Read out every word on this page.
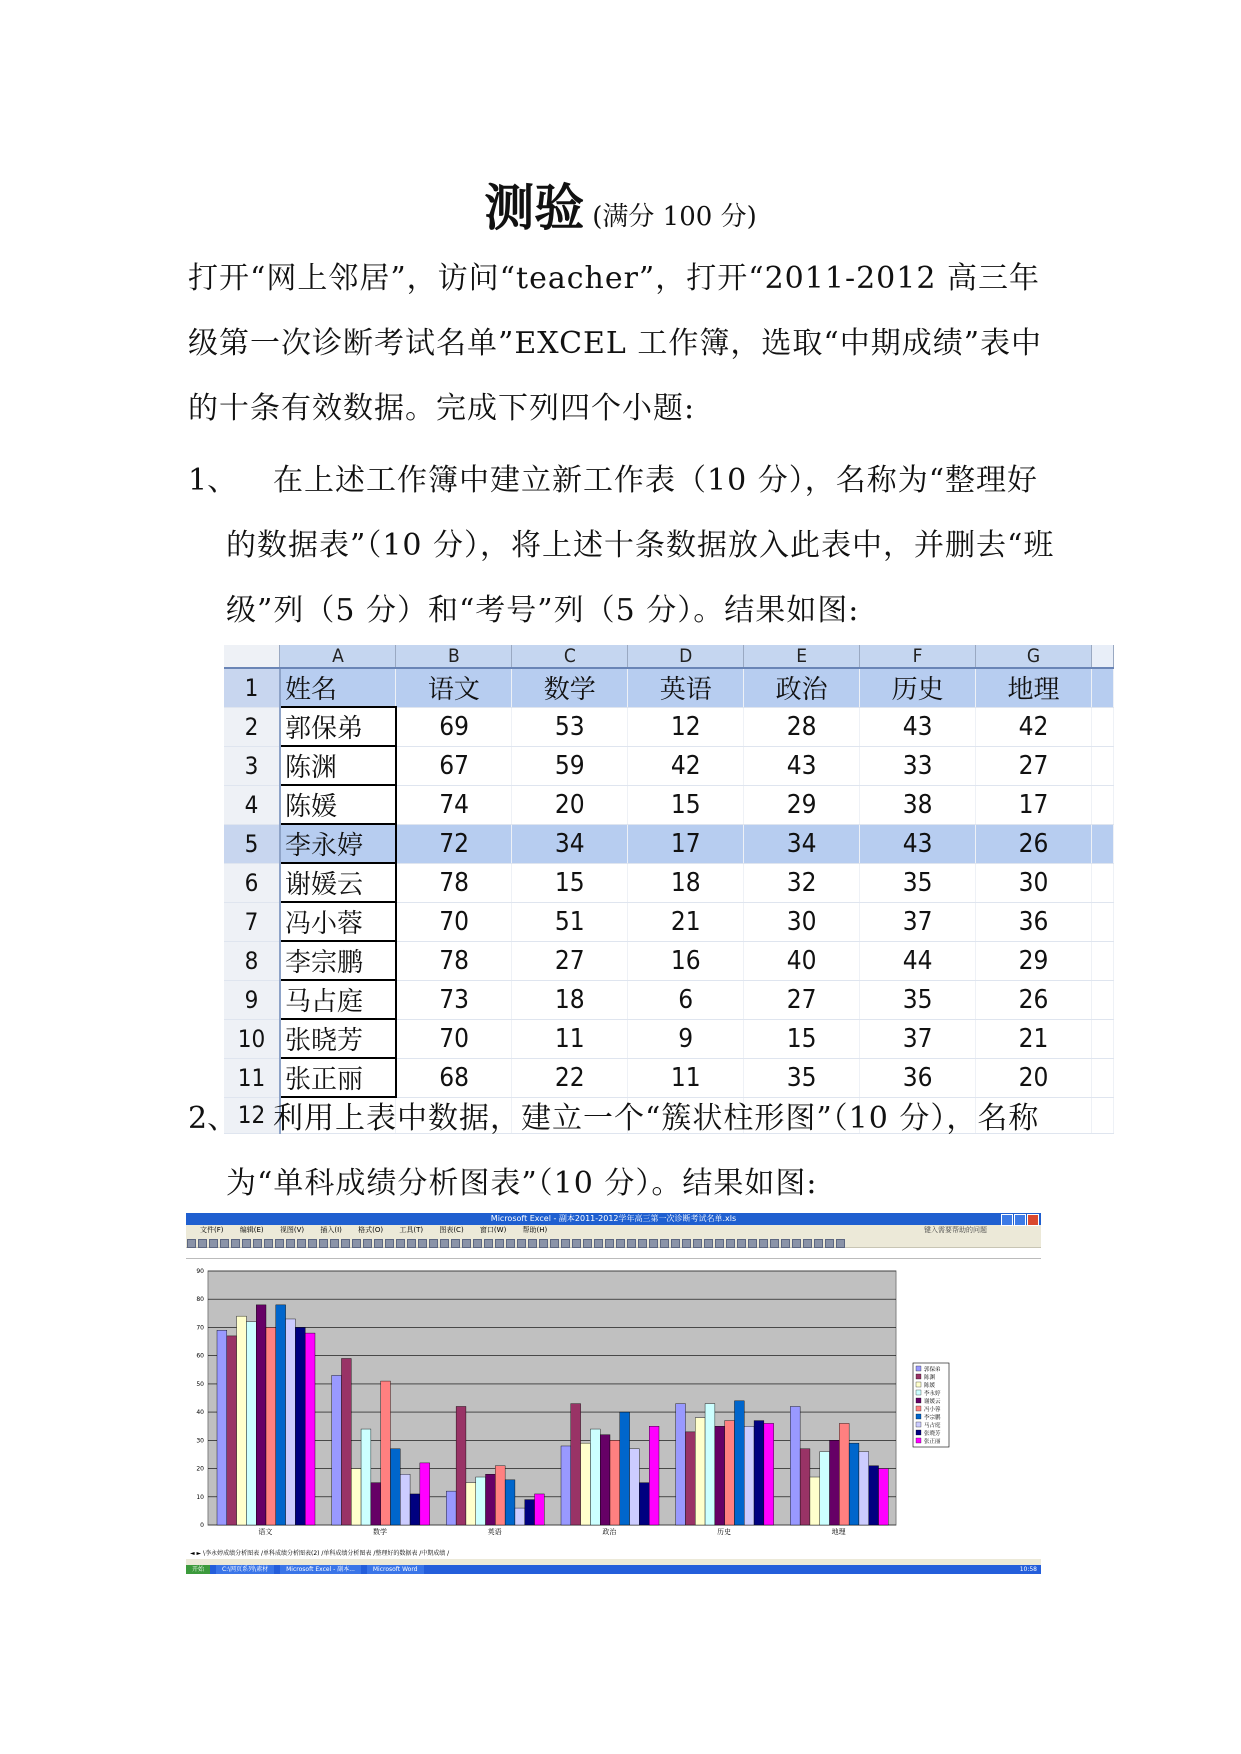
测验 (满分 100 分)
打开“网上邻居”，访问“teacher”，打开“2011-2012 高三年
级第一次诊断考试名单”EXCEL 工作簿，选取“中期成绩”表中
的十条有效数据。完成下列四个小题:
1、 在上述工作簿中建立新工作表（10 分），名称为“整理好
的数据表”（10 分），将上述十条数据放入此表中，并删去“班
级”列（5 分）和“考号”列（5 分）。结果如图:
	A	B	C	D	E	F	G	
1	姓名	语文	数学	英语	政治	历史	地理	
2	郭保弟	69	53	12	28	43	42	
3	陈渊	67	59	42	43	33	27	
4	陈媛	74	20	15	29	38	17	
5	李永婷	72	34	17	34	43	26	
6	谢媛云	78	15	18	32	35	30	
7	冯小蓉	70	51	21	30	37	36	
8	李宗鹏	78	27	16	40	44	29	
9	马占庭	73	18	6	27	35	26	
10	张晓芳	70	11	9	15	37	21	
11	张正丽	68	22	11	35	36	20	
12								
2、 利用上表中数据，建立一个“簇状柱形图”（10 分），名称
为“单科成绩分析图表”（10 分）。结果如图:
Microsoft Excel - 副本2011-2012学年高三第一次诊断考试名单.xls
文件(F) 编辑(E) 视图(V) 插入(I) 格式(O) 工具(T) 图表(C) 窗口(W) 帮助(H)	键入需要帮助的问题
0
10
20
30
40
50
60
70
80
90
语文	数学	英语	政治	历史	地理
郭保弟
陈渊
陈媛
李永婷
谢媛云
冯小蓉
李宗鹏
马占庭
张晓芳
张正丽
◄ ► \李永婷成绩分析图表 /单科成绩分析图表(2) /单科成绩分析图表 /整理好的数据表 /中期成绩 /
开始	C:\网页系列\素材	Microsoft Excel - 副本...	Microsoft Word	10:58
